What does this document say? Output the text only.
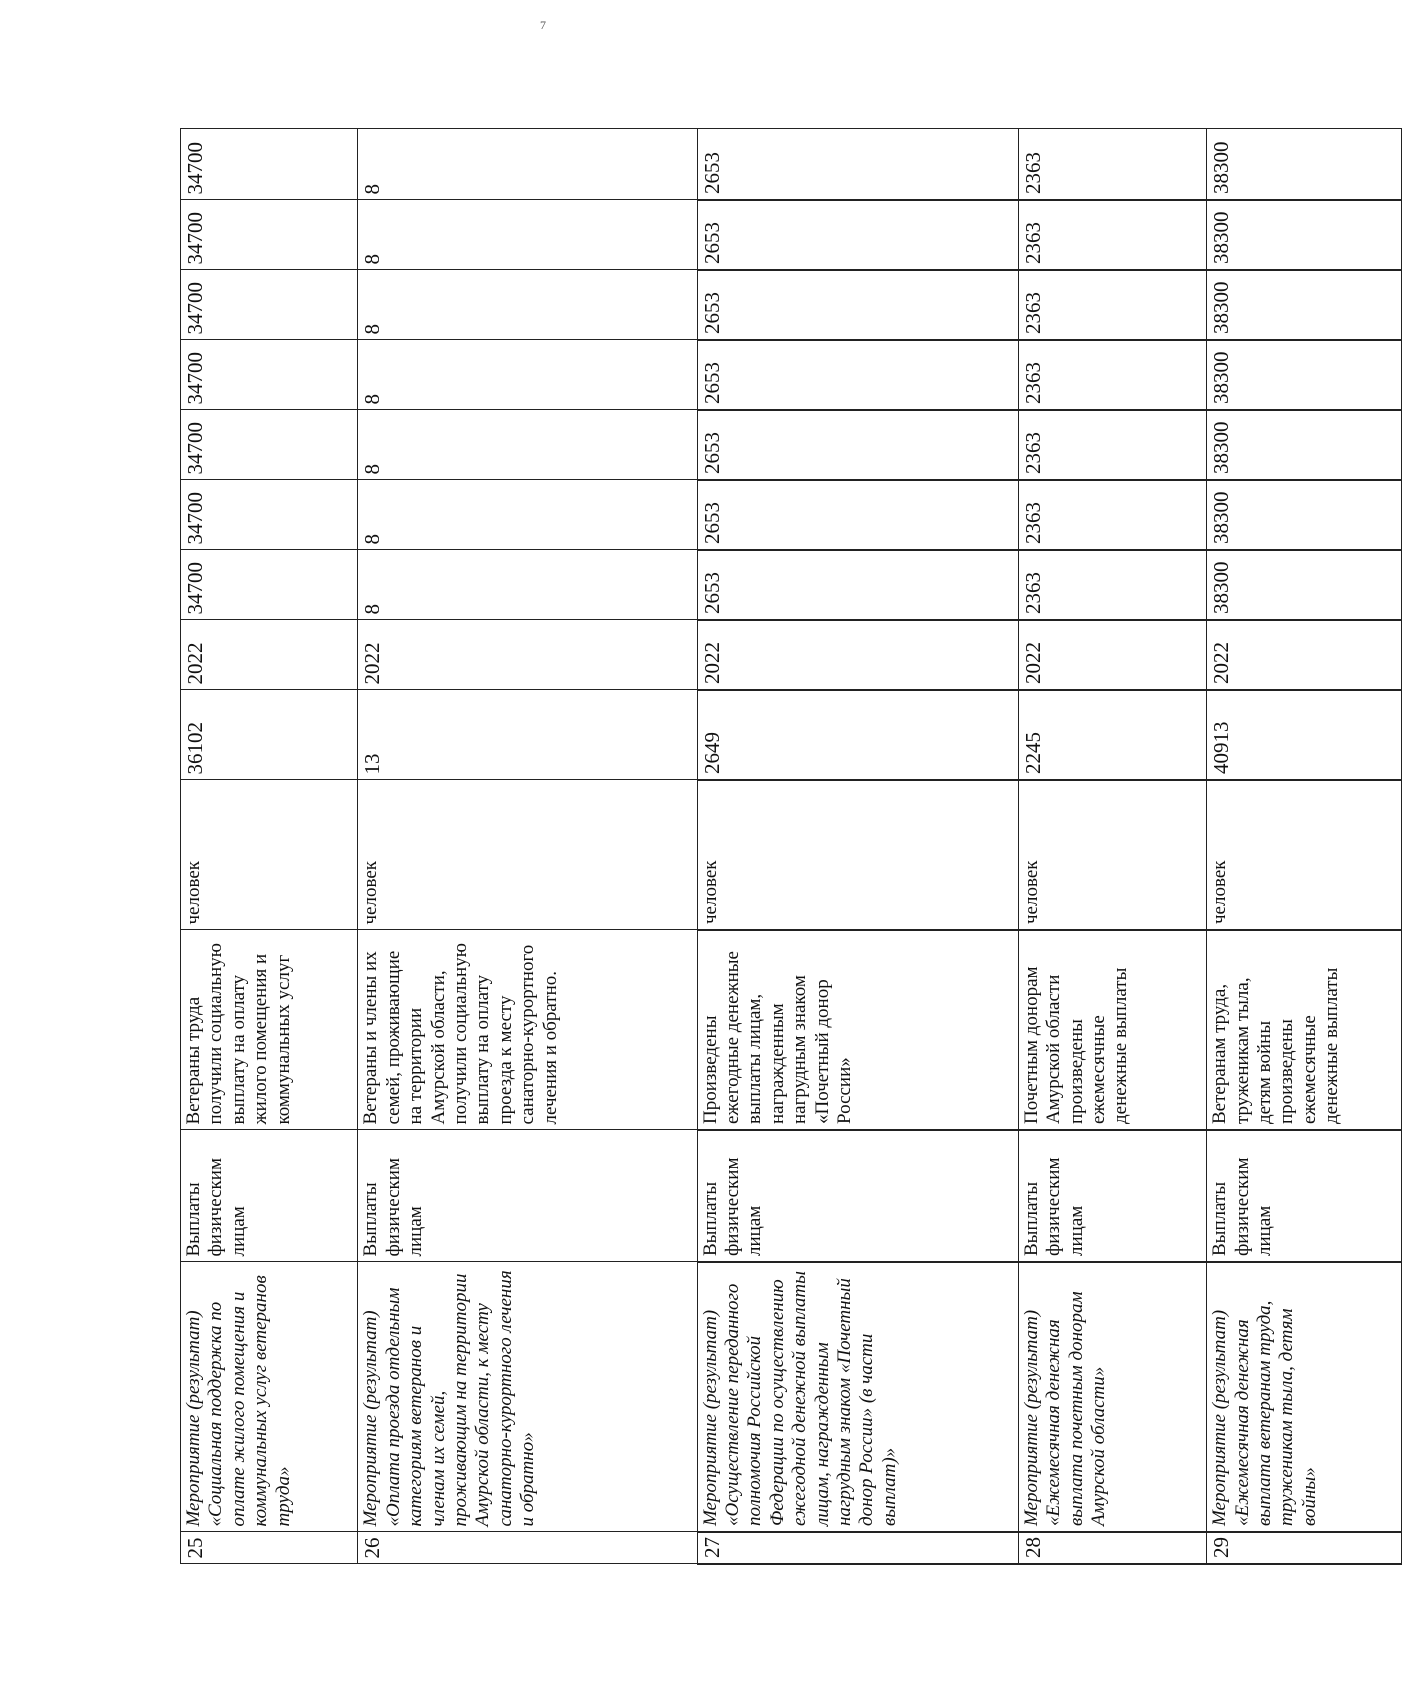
7
25	Мероприятие (результат) «Социальная поддержка по оплате жилого помещения и коммунальных услуг ветеранов труда»	Выплаты физическим лицам	Ветераны труда получили социальную выплату на оплату жилого помещения и коммунальных услуг	человек	36102	2022	34700	34700	34700	34700	34700	34700	34700
26	Мероприятие (результат) «Оплата проезда отдельным категориям ветеранов и членам их семей, проживающим на территории Амурской области, к месту санаторно-курортного лечения и обратно»	Выплаты физическим лицам	Ветераны и члены их семей, проживающие на территории Амурской области, получили социальную выплату на оплату проезда к месту санаторно-курортного лечения и обратно.	человек	13	2022	8	8	8	8	8	8	8
27	Мероприятие (результат) «Осуществление переданного полномочия Российской Федерации по осуществлению ежегодной денежной выплаты лицам, награжденным нагрудным знаком «Почетный донор России» (в части выплат)»	Выплаты физическим лицам	Произведены ежегодные денежные выплаты лицам, награжденным нагрудным знаком «Почетный донор России»	человек	2649	2022	2653	2653	2653	2653	2653	2653	2653
28	Мероприятие (результат) «Ежемесячная денежная выплата почетным донорам Амурской области»	Выплаты физическим лицам	Почетным донорам Амурской области произведены ежемесячные денежные выплаты	человек	2245	2022	2363	2363	2363	2363	2363	2363	2363
29	Мероприятие (результат) «Ежемесячная денежная выплата ветеранам труда, труженикам тыла, детям войны»	Выплаты физическим лицам	Ветеранам труда, труженикам тыла, детям войны произведены ежемесячные денежные выплаты	человек	40913	2022	38300	38300	38300	38300	38300	38300	38300
